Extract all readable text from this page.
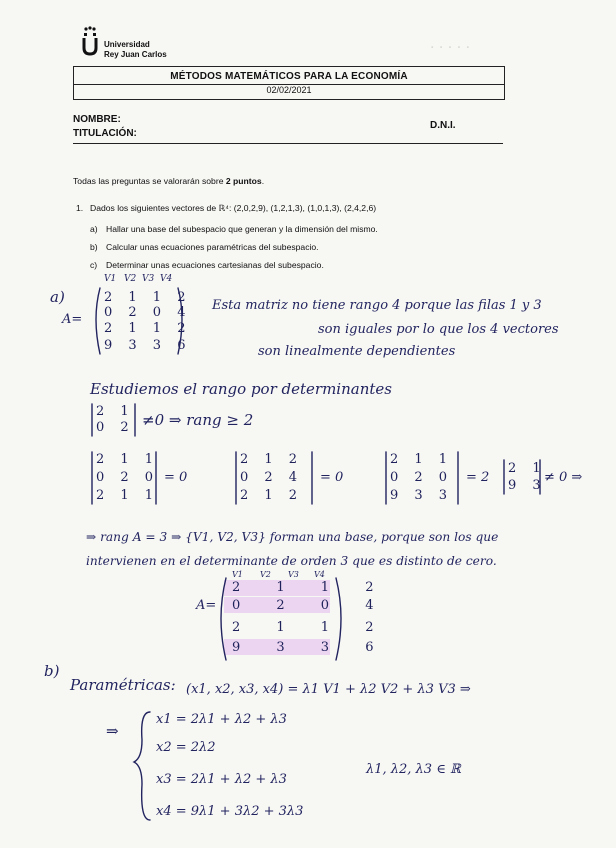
· · · · ·
Universidad
Rey Juan Carlos
MÉTODOS MATEMÁTICOS PARA LA ECONOMÍA
02/02/2021
NOMBRE:
TITULACIÓN:
D.N.I.
Todas las preguntas se valorarán sobre 2 puntos.
1. Dados los siguientes vectores de ℝ⁴: (2,0,2,9), (1,2,1,3), (1,0,1,3), (2,4,2,6)
a) Hallar una base del subespacio que generan y la dimensión del mismo.
b) Calcular unas ecuaciones paramétricas del subespacio.
c) Determinar unas ecuaciones cartesianas del subespacio.
a)
V1 V2 V3 V4
A=
2 1 1 2
0 2 0 4
2 1 1 2
9 3 3 6
Esta matriz no tiene rango 4 porque las filas 1 y 3
son iguales por lo que los 4 vectores
son linealmente dependientes
Estudiemos el rango por determinantes
2 1
0 2 ≠0 ⇒ rang ≥ 2
2 1 1
0 2 0
2 1 1
= 0
2 1 2
0 2 4
2 1 2
= 0
2 1 1
0 2 0
9 3 3
= 2
2 1
9 3
≠ 0 ⇒
⇒ rang A = 3 ⇒ {V1, V2, V3} forman una base, porque son los que
intervienen en el determinante de orden 3 que es distinto de cero.
V1 V2 V3 V4
A=
2 1 1 2
0 2 0 4
2 1 1 2
9 3 3 6
b)
Paramétricas: (x1, x2, x3, x4) = λ1 V1 + λ2 V2 + λ3 V3 ⇒
⇒
x1 = 2λ1 + λ2 + λ3
x2 = 2λ2
x3 = 2λ1 + λ2 + λ3
x4 = 9λ1 + 3λ2 + 3λ3
λ1, λ2, λ3 ∈ ℝ
